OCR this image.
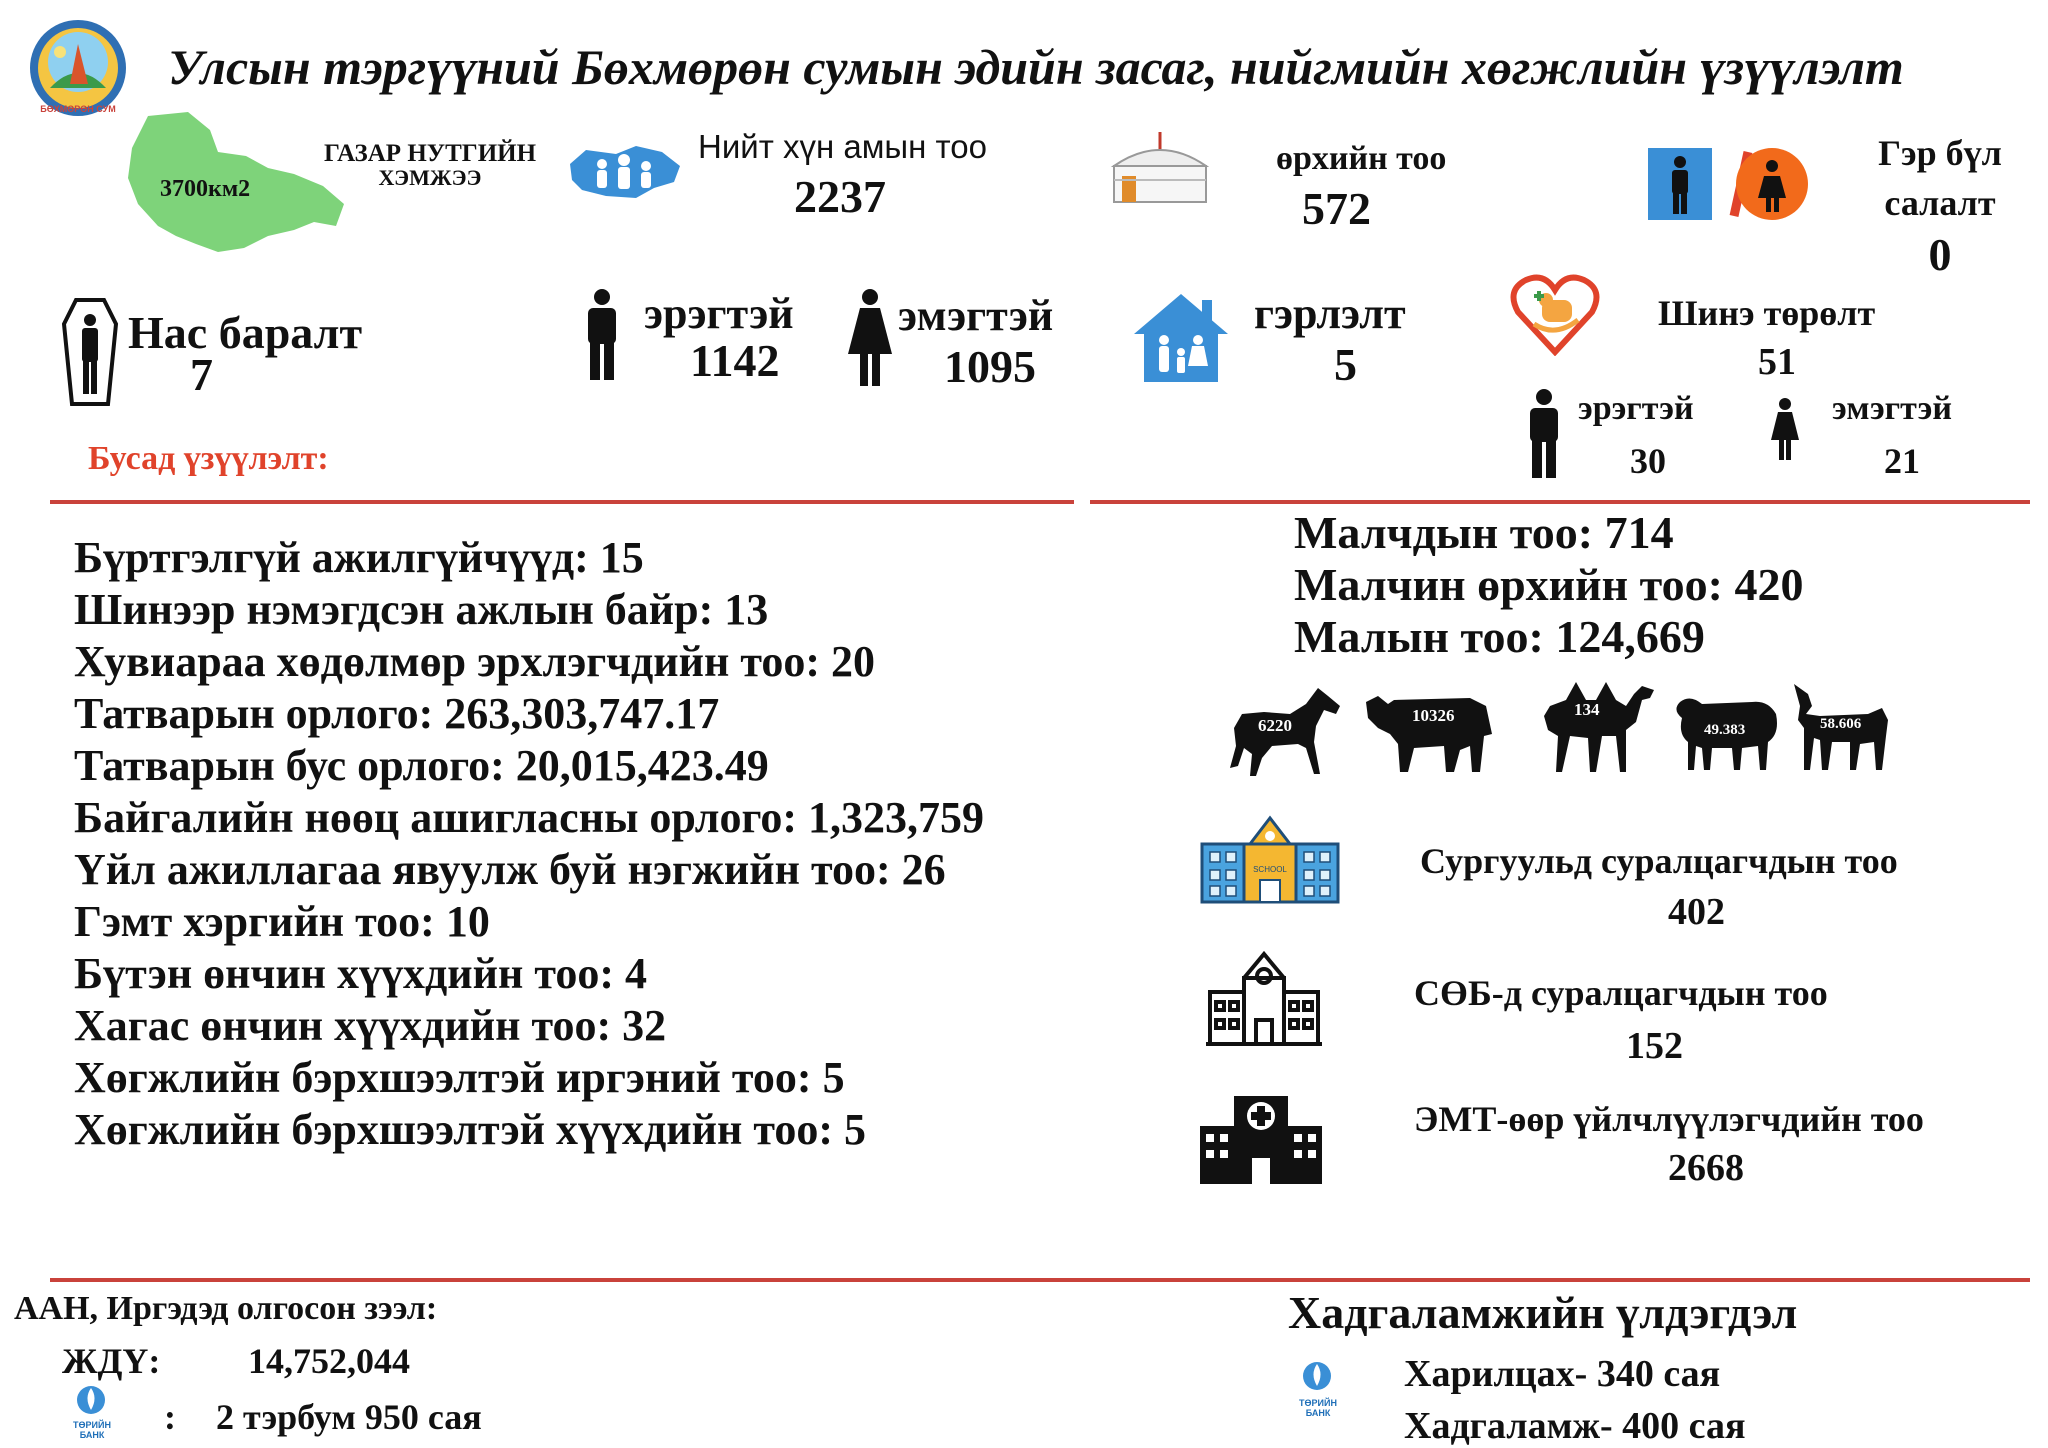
БӨХМӨРӨН СУМ
Улсын тэргүүний Бөхмөрөн сумын эдийн засаг, нийгмийн хөгжлийн үзүүлэлт
3700км2
ГАЗАР НУТГИЙН
ХЭМЖЭЭ
Нийт хүн амын тоо
2237
өрхийн тоо
572
Гэр бүл
салалт
0
Нас баралт
7
эрэгтэй
1142
эмэгтэй
1095
гэрлэлт
5
Шинэ төрөлт
51
эрэгтэй
30
эмэгтэй
21
Бусад үзүүлэлт:
Бүртгэлгүй ажилгүйчүүд: 15
Шинээр нэмэгдсэн ажлын байр: 13
Хувиараа хөдөлмөр эрхлэгчдийн тоо: 20
Татварын орлого: 263,303,747.17
Татварын бус орлого: 20,015,423.49
Байгалийн нөөц ашигласны орлого: 1,323,759
Үйл ажиллагаа явуулж буй нэгжийн тоо: 26
Гэмт хэргийн тоо: 10
Бүтэн өнчин хүүхдийн тоо: 4
Хагас өнчин хүүхдийн тоо: 32
Хөгжлийн бэрхшээлтэй иргэний тоо: 5
Хөгжлийн бэрхшээлтэй хүүхдийн тоо: 5
Малчдын тоо: 714
Малчин өрхийн тоо: 420
Малын тоо: 124,669
6220
10326	134
49.383	58.606
SCHOOL	Сургуульд суралцагчдын тоо
402
СӨБ-д суралцагчдын тоо
152
ЭМТ-өөр үйлчлүүлэгчдийн тоо
2668
ААН, Иргэдэд олгосон зээл:
ЖДҮ: 14,752,044
ТӨРИЙН БАНК	: 2 тэрбум 950 сая
Хадгаламжийн үлдэгдэл
ТӨРИЙН БАНК
Харилцах- 340 сая
Хадгаламж- 400 сая
